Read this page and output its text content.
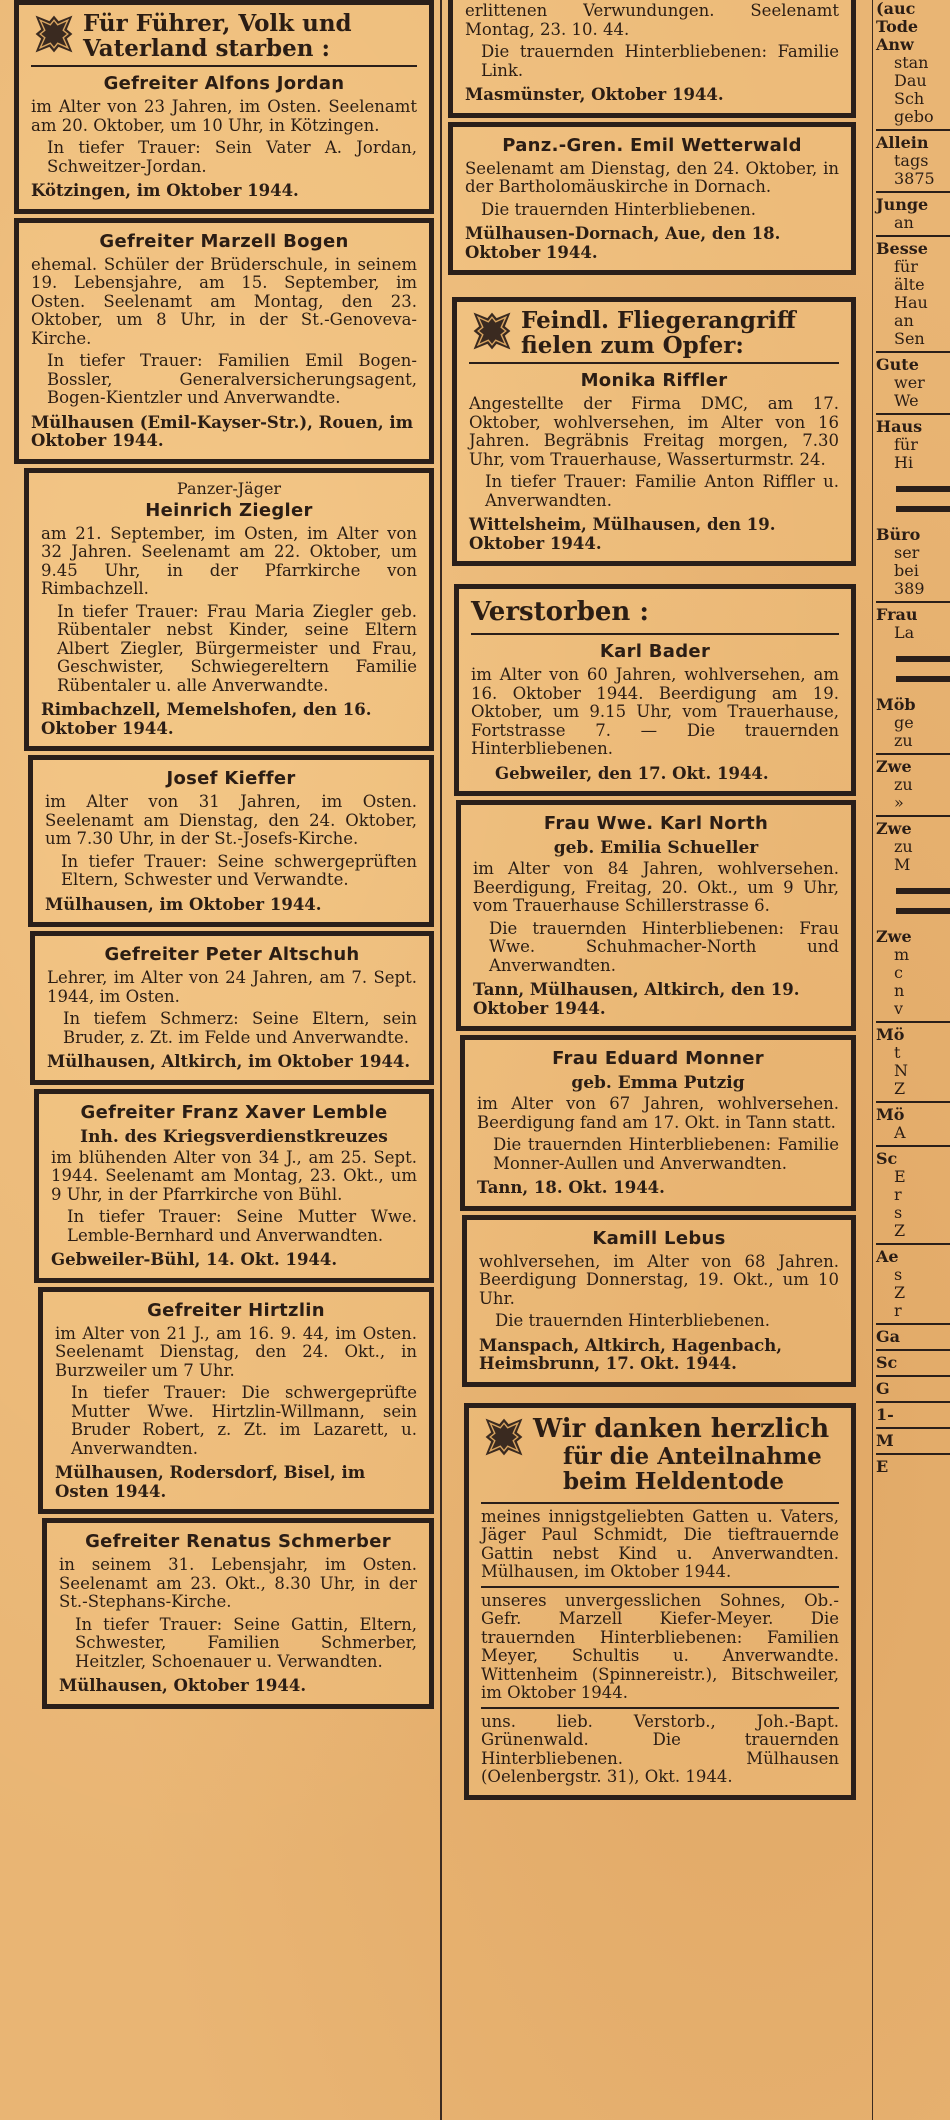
Für Führer, Volk und Vaterland starben :
Gefreiter Alfons Jordan

im Alter von 23 Jahren, im Osten. Seelenamt am 20. Oktober, um 10 Uhr, in Kötzingen.

In tiefer Trauer: Sein Vater A. Jordan, Schweitzer-Jordan.

Kötzingen, im Oktober 1944.

Gefreiter Marzell Bogen

ehemal. Schüler der Brüderschule, in seinem 19. Lebensjahre, am 15. September, im Osten. Seelenamt am Montag, den 23. Oktober, um 8 Uhr, in der St.-Genoveva-Kirche.

In tiefer Trauer: Familien Emil Bogen-Bossler, Generalversicherungsagent, Bogen-Kientzler und Anverwandte.

Mülhausen (Emil-Kayser-Str.), Rouen, im Oktober 1944.

Panzer-Jäger

Heinrich Ziegler

am 21. September, im Osten, im Alter von 32 Jahren. Seelenamt am 22. Oktober, um 9.45 Uhr, in der Pfarrkirche von Rimbachzell.

In tiefer Trauer: Frau Maria Ziegler geb. Rübentaler nebst Kinder, seine Eltern Albert Ziegler, Bürgermeister und Frau, Geschwister, Schwiegereltern Familie Rübentaler u. alle Anverwandte.

Rimbachzell, Memelshofen, den 16. Oktober 1944.

Josef Kieffer

im Alter von 31 Jahren, im Osten. Seelenamt am Dienstag, den 24. Oktober, um 7.30 Uhr, in der St.-Josefs-Kirche.

In tiefer Trauer: Seine schwergeprüften Eltern, Schwester und Verwandte.

Mülhausen, im Oktober 1944.

Gefreiter Peter Altschuh

Lehrer, im Alter von 24 Jahren, am 7. Sept. 1944, im Osten.

In tiefem Schmerz: Seine Eltern, sein Bruder, z. Zt. im Felde und Anverwandte.

Mülhausen, Altkirch, im Oktober 1944.

Gefreiter Franz Xaver Lemble

Inh. des Kriegsverdienstkreuzes

im blühenden Alter von 34 J., am 25. Sept. 1944. Seelenamt am Montag, 23. Okt., um 9 Uhr, in der Pfarrkirche von Bühl.

In tiefer Trauer: Seine Mutter Wwe. Lemble-Bernhard und Anverwandten.

Gebweiler-Bühl, 14. Okt. 1944.

Gefreiter Hirtzlin

im Alter von 21 J., am 16. 9. 44, im Osten. Seelenamt Dienstag, den 24. Okt., in Burzweiler um 7 Uhr.

In tiefer Trauer: Die schwergeprüfte Mutter Wwe. Hirtzlin-Willmann, sein Bruder Robert, z. Zt. im Lazarett, u. Anverwandten.

Mülhausen, Rodersdorf, Bisel, im Osten 1944.

Gefreiter Renatus Schmerber

in seinem 31. Lebensjahr, im Osten. Seelenamt am 23. Okt., 8.30 Uhr, in der St.-Stephans-Kirche.

In tiefer Trauer: Seine Gattin, Eltern, Schwester, Familien Schmerber, Heitzler, Schoenauer u. Verwandten.

Mülhausen, Oktober 1944.

erlittenen Verwundungen. Seelenamt Montag, 23. 10. 44.

Die trauernden Hinterbliebenen: Familie Link.

Masmünster, Oktober 1944.

Panz.-Gren. Emil Wetterwald

Seelenamt am Dienstag, den 24. Oktober, in der Bartholomäuskirche in Dornach.

Die trauernden Hinterbliebenen.

Mülhausen-Dornach, Aue, den 18. Oktober 1944.

Feindl. Fliegerangriff fielen zum Opfer:
Monika Riffler

Angestellte der Firma DMC, am 17. Oktober, wohlversehen, im Alter von 16 Jahren. Begräbnis Freitag morgen, 7.30 Uhr, vom Trauerhause, Wasserturmstr. 24.

In tiefer Trauer: Familie Anton Riffler u. Anverwandten.

Wittelsheim, Mülhausen, den 19. Oktober 1944.

Verstorben :
Karl Bader

im Alter von 60 Jahren, wohlversehen, am 16. Oktober 1944. Beerdigung am 19. Oktober, um 9.15 Uhr, vom Trauerhause, Fortstrasse 7. — Die trauernden Hinterbliebenen.

Gebweiler, den 17. Okt. 1944.

Frau Wwe. Karl North

geb. Emilia Schueller

im Alter von 84 Jahren, wohlversehen. Beerdigung, Freitag, 20. Okt., um 9 Uhr, vom Trauerhause Schillerstrasse 6.

Die trauernden Hinterbliebenen: Frau Wwe. Schuhmacher-North und Anverwandten.

Tann, Mülhausen, Altkirch, den 19. Oktober 1944.

Frau Eduard Monner

geb. Emma Putzig

im Alter von 67 Jahren, wohlversehen. Beerdigung fand am 17. Okt. in Tann statt.

Die trauernden Hinterbliebenen: Familie Monner-Aullen und Anverwandten.

Tann, 18. Okt. 1944.

Kamill Lebus

wohlversehen, im Alter von 68 Jahren. Beerdigung Donnerstag, 19. Okt., um 10 Uhr.

Die trauernden Hinterbliebenen.

Manspach, Altkirch, Hagenbach, Heimsbrunn, 17. Okt. 1944.

Wir danken herzlich
für die Anteilnahme
beim Heldentode
meines innigstgeliebten Gatten u. Vaters, Jäger Paul Schmidt, Die tieftrauernde Gattin nebst Kind u. Anverwandten. Mülhausen, im Oktober 1944.
unseres unvergesslichen Sohnes, Ob.-Gefr. Marzell Kiefer-Meyer. Die trauernden Hinterbliebenen: Familien Meyer, Schultis u. Anverwandte. Wittenheim (Spinnereistr.), Bitschweiler, im Oktober 1944.
uns. lieb. Verstorb., Joh.-Bapt. Grünenwald. Die trauernden Hinterbliebenen. Mülhausen (Oelenbergstr. 31), Okt. 1944.
(auc
Tode
Anw
stan
Dau
Sch
gebo
Allein
tags
3875
Junge
an
Besse
für
älte
Hau
an
Sen
Gute
wer
We
Haus
für
Hi
Büro
ser
bei
389
Frau
La
Möb
ge
zu
Zwe
zu
»
Zwe
zu
M
Zwe
m
c
n
v
Mö
t
N
Z
Mö
A
Sc
E
r
s
Z
Ae
s
Z
r
Ga
Sc
G
1-
M
E
